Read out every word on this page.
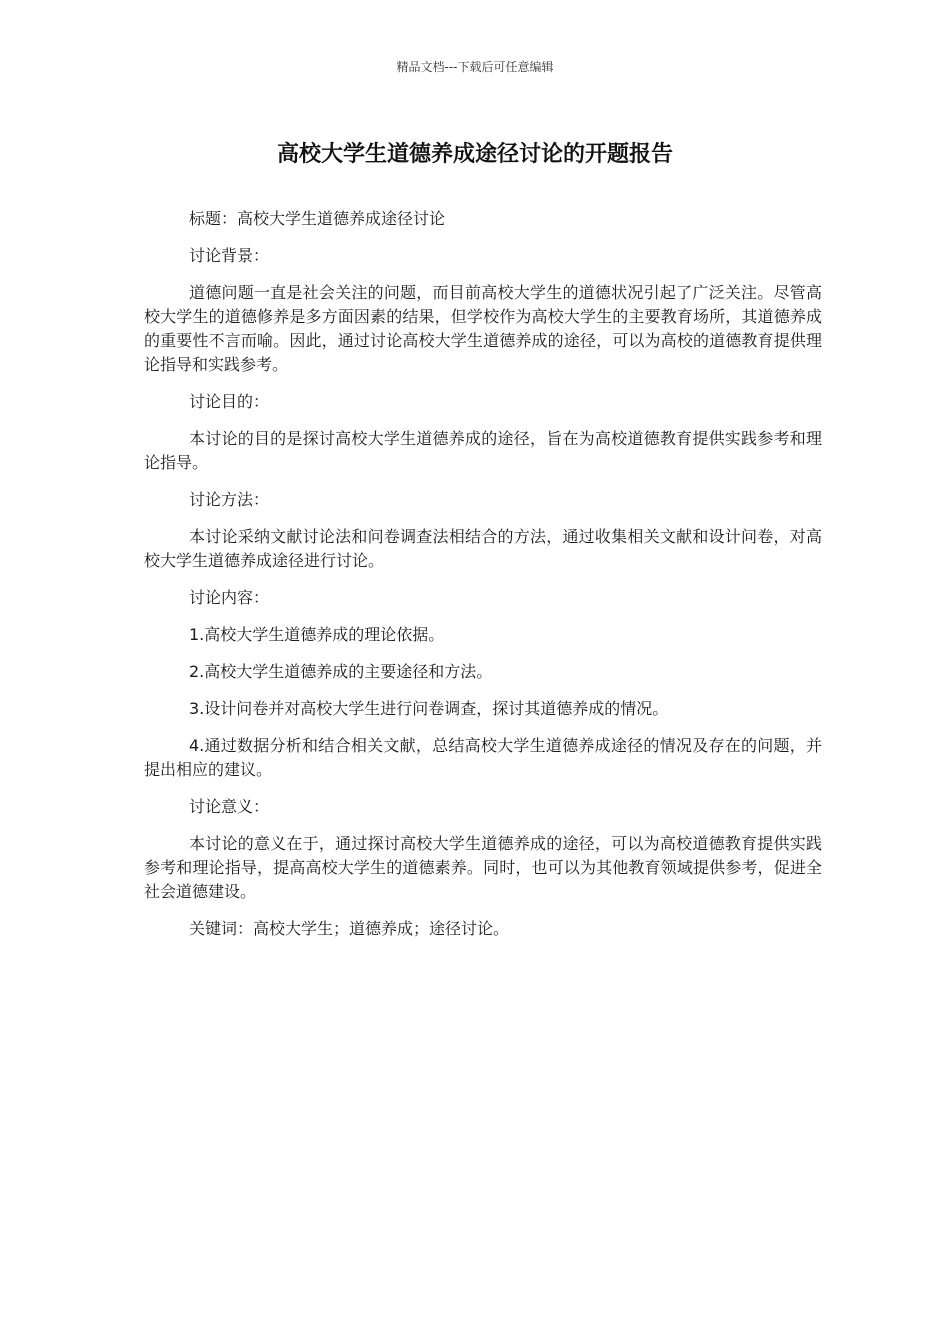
精品文档---下载后可任意编辑
高校大学生道德养成途径讨论的开题报告

标题：高校大学生道德养成途径讨论

讨论背景：

道德问题一直是社会关注的问题，而目前高校大学生的道德状况引起了广泛关注。尽管高校大学生的道德修养是多方面因素的结果，但学校作为高校大学生的主要教育场所，其道德养成的重要性不言而喻。因此，通过讨论高校大学生道德养成的途径，可以为高校的道德教育提供理论指导和实践参考。

讨论目的：

本讨论的目的是探讨高校大学生道德养成的途径，旨在为高校道德教育提供实践参考和理论指导。

讨论方法：

本讨论采纳文献讨论法和问卷调查法相结合的方法，通过收集相关文献和设计问卷，对高校大学生道德养成途径进行讨论。

讨论内容：

1.高校大学生道德养成的理论依据。

2.高校大学生道德养成的主要途径和方法。

3.设计问卷并对高校大学生进行问卷调查，探讨其道德养成的情况。

4.通过数据分析和结合相关文献，总结高校大学生道德养成途径的情况及存在的问题，并提出相应的建议。

讨论意义：

本讨论的意义在于，通过探讨高校大学生道德养成的途径，可以为高校道德教育提供实践参考和理论指导，提高高校大学生的道德素养。同时，也可以为其他教育领域提供参考，促进全社会道德建设。

关键词：高校大学生；道德养成；途径讨论。
